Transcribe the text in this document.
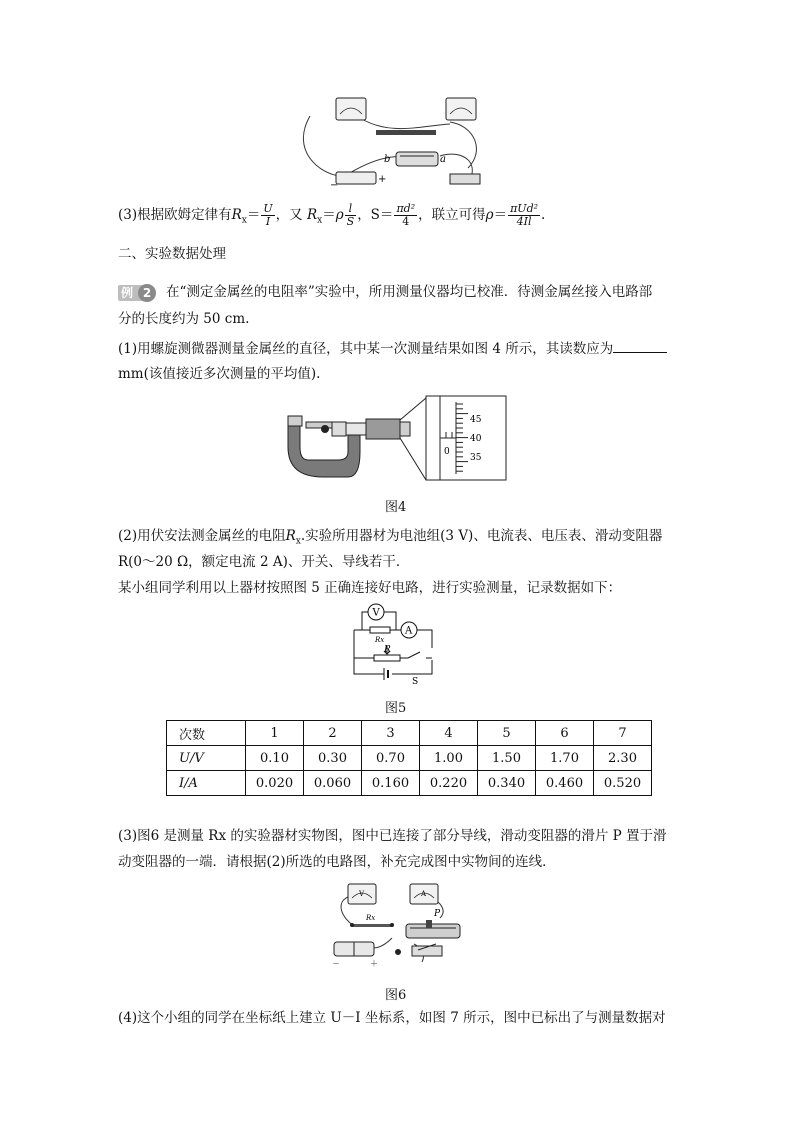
b	a
+
−
(3)根据欧姆定律有$R_x= \frac{U}{I}$ ，又 $R_x=\rho \frac{l}{S}$ ，$S= \frac{\text{πd²}}{4}$ ，联立可得$\rho= \frac{\text{πUd²}}{4Il}$ .
二、实验数据处理
例 2	在“测定金属丝的电阻率”实验中，所用测量仪器均已校准．待测金属丝接入电路部
分的长度约为 50 cm.
(1)用螺旋测微器测量金属丝的直径，其中某一次测量结果如图 4 所示，其读数应为
mm(该值接近多次测量的平均值).
45
40
0
35
图4
(2)用伏安法测金属丝的电阻$R_x$.实验所用器材为电池组(3 V)、电流表、电压表、滑动变阻器
R(0～20 Ω，额定电流 2 A)、开关、导线若干．
某小组同学利用以上器材按照图 5 正确连接好电路，进行实验测量，记录数据如下：
V
A
Rx
R
S
图5
次数	1	2	3	4	5	6	7
U/V	0.10	0.30	0.70	1.00	1.50	1.70	2.30
I/A	0.020	0.060	0.160	0.220	0.340	0.460	0.520
(3)图6 是测量 Rx 的实验器材实物图，图中已连接了部分导线，滑动变阻器的滑片 P 置于滑
动变阻器的一端．请根据(2)所选的电路图，补充完成图中实物间的连线．
V	A
Rx	P
－	＋
图6
(4)这个小组的同学在坐标纸上建立 U－I 坐标系，如图 7 所示，图中已标出了与测量数据对
